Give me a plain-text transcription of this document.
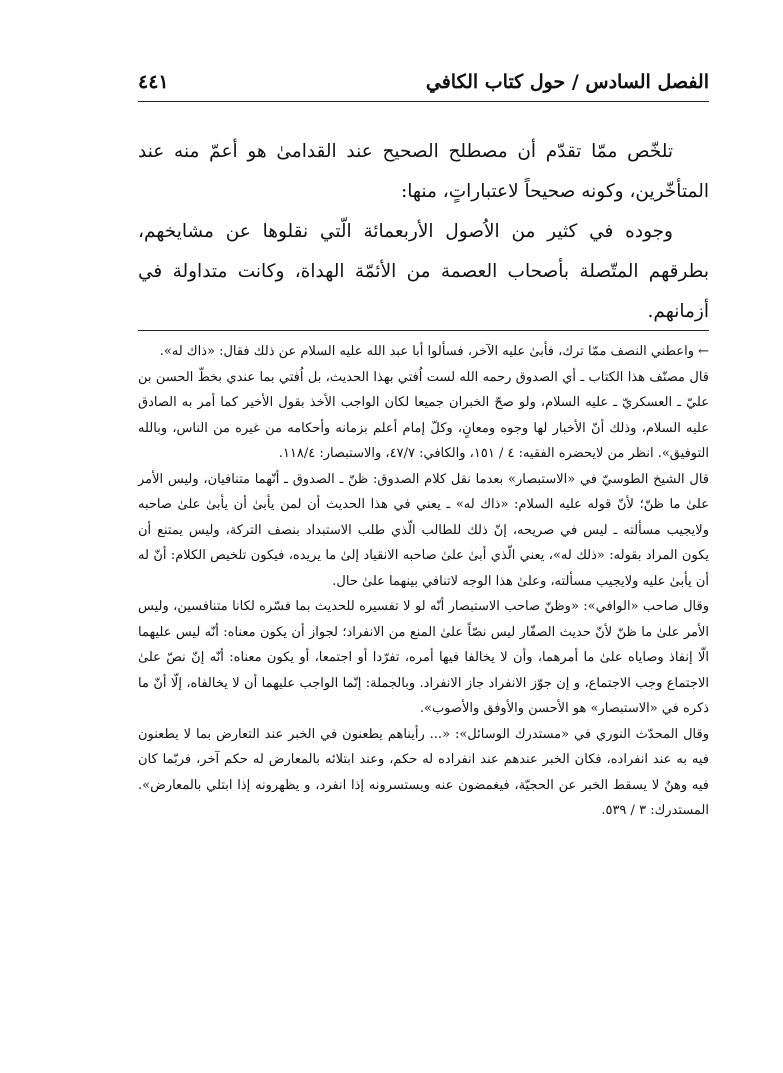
الفصل السادس / حول كتاب الكافي
٤٤١

تلخّص ممّا تقدّم أن مصطلح الصحيح عند القدامىٰ هو أعمّ منه عند المتأخّرين، وكونه صحيحاً لاعتباراتٍ، منها:

وجوده في كثير من الاُصول الأربعمائة الّتي نقلوها عن مشايخهم، بطرقهم المتّصلة بأصحاب العصمة من الأئمّة الهداة، وكانت متداولة في أزمانهم.

← واعطني النصف ممّا ترك، فأبىٰ عليه الآخر، فسألوا أبا عبد الله عليه السلام عن ذلك فقال: «ذاك له».

قال مصنّف هذا الكتاب ـ أي الصدوق رحمه الله لست اُفتي بهذا الحديث، بل اُفتي بما عندي بخطّ الحسن بن عليّ ـ العسكريّ ـ عليه السلام، ولو صحّ الخبران جميعا لكان الواجب الأخذ بقول الأخير كما أمر به الصادق عليه السلام، وذلك أنّ الأخبار لها وجوه ومعانٍ، وكلّ إمام أعلم بزمانه وأحكامه من غيره من الناس، وبالله التوفيق». انظر من لايحضره الفقيه: ٤ / ١٥١، والكافي: ٤٧/٧، والاستبصار: ١١٨/٤.

قال الشيخ الطوسيّ في «الاستبصار» بعدما نقل كلام الصدوق: ظنّ ـ الصدوق ـ أنّهما متنافيان، وليس الأمر علىٰ ما ظنّ؛ لأنّ قوله عليه السلام: «ذاك له» ـ يعني في هذا الحديث أن لمن يأبىٰ أن يأبىٰ علىٰ صاحبه ولايجيب مسألته ـ ليس في صريحه، إنّ ذلك للطالب الّذي طلب الاستبداد بنصف التركة، وليس يمتنع أن يكون المراد بقوله: «ذلك له»، يعني الّذي أبىٰ علىٰ صاحبه الانقياد إلىٰ ما يريده، فيكون تلخيص الكلام: أنّ له أن يأبىٰ عليه ولايجيب مسألته، وعلىٰ هذا الوجه لاتنافي بينهما علىٰ حال.

وقال صاحب «الوافي»: «وظنّ صاحب الاستبصار أنّه لو لا تفسيره للحديث بما فسّره لكانا متنافسين، وليس الأمر علىٰ ما ظنّ لأنّ حديث الصفّار ليس نصّاً علىٰ المنع من الانفراد؛ لجواز أن يكون معناه: أنّه ليس عليهما الّا إنفاذ وصاياه علىٰ ما أمرهما، وأن لا يخالفا فيها أمره، تفرّدا أو اجتمعا، أو يكون معناه: أنّه إنّ نصّ علىٰ الاجتماع وجب الاجتماع، و إن جوّز الانفراد جاز الانفراد. وبالجملة: إنّما الواجب عليهما أن لا يخالفاه، إلّا أنّ ما ذكره في «الاستبصار» هو الأحسن والأوفق والأصوب».

وقال المحدّث النوري في «مستدرك الوسائل»: «... رأيناهم يطعنون في الخبر عند التعارض بما لا يطعنون فيه به عند انفراده، فكان الخبر عندهم عند انفراده له حكم، وعند ابتلائه بالمعارض له حكم آخر، فربّما كان فيه وهنٌ لا يسقط الخبر عن الحجيّة، فيغمضون عنه ويستسرونه إذا انفرد، و يظهرونه إذا ابتلي بالمعارض». المستدرك: ٣ / ٥٣٩.
